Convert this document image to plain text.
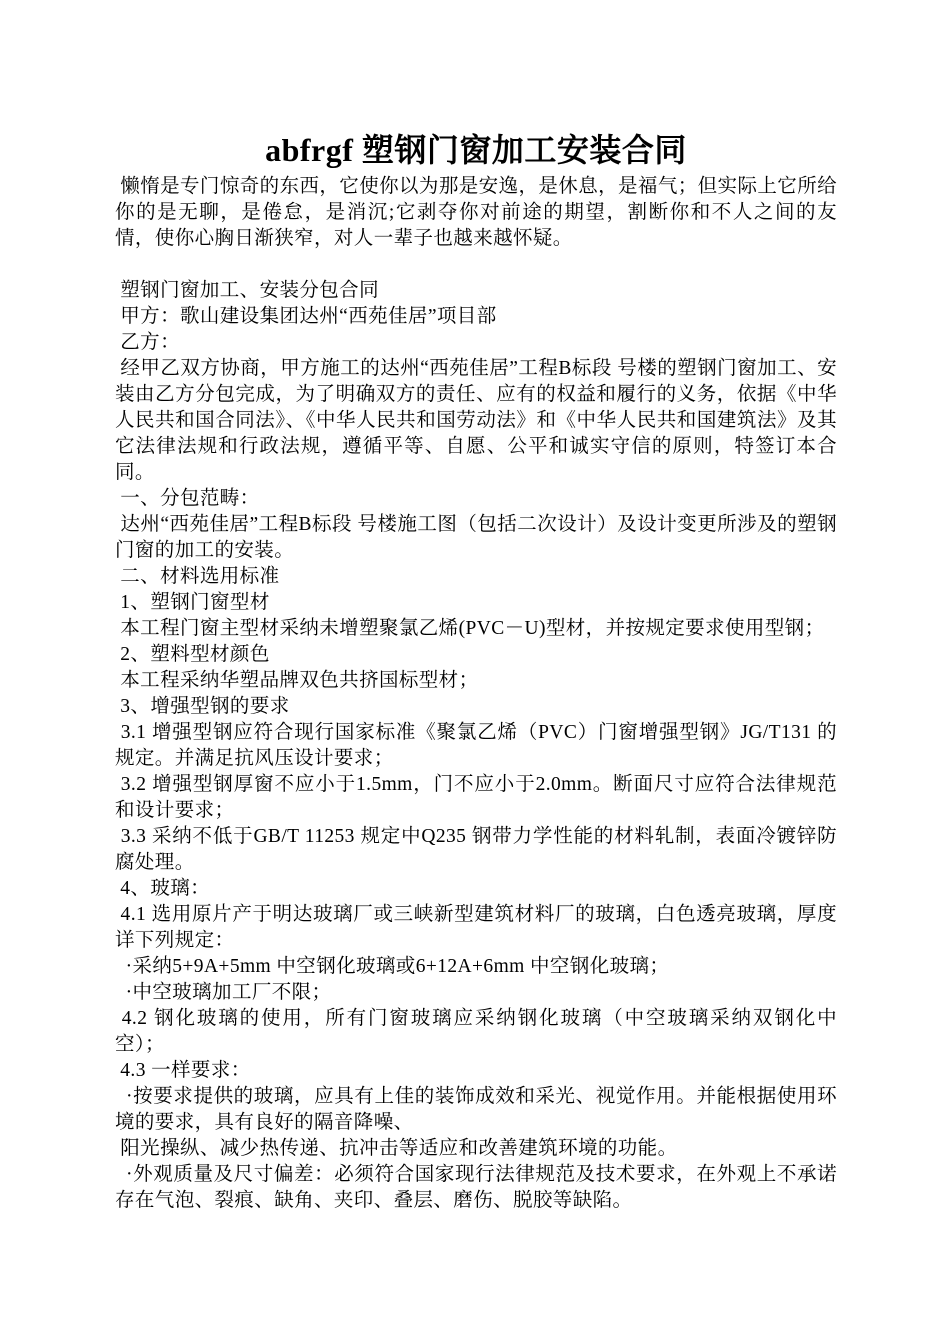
abfrgf 塑钢门窗加工安装合同

懒惰是专门惊奇的东西，它使你以为那是安逸，是休息，是福气；但实际上它所给你的是无聊，是倦怠，是消沉;它剥夺你对前途的期望，割断你和不人之间的友情，使你心胸日渐狭窄，对人一辈子也越来越怀疑。

塑钢门窗加工、安装分包合同

甲方：歌山建设集团达州“西苑佳居”项目部

乙方：

经甲乙双方协商，甲方施工的达州“西苑佳居”工程B标段 号楼的塑钢门窗加工、安装由乙方分包完成，为了明确双方的责任、应有的权益和履行的义务，依据《中华人民共和国合同法》、《中华人民共和国劳动法》和《中华人民共和国建筑法》及其它法律法规和行政法规，遵循平等、自愿、公平和诚实守信的原则，特签订本合同。

一、分包范畴：

达州“西苑佳居”工程B标段 号楼施工图（包括二次设计）及设计变更所涉及的塑钢门窗的加工的安装。

二、材料选用标准

1、塑钢门窗型材

本工程门窗主型材采纳未增塑聚氯乙烯(PVC－U)型材，并按规定要求使用型钢；

2、塑料型材颜色

本工程采纳华塑品牌双色共挤国标型材；

3、增强型钢的要求

3.1 增强型钢应符合现行国家标准《聚氯乙烯（PVC）门窗增强型钢》JG/T131 的规定。并满足抗风压设计要求；

3.2 增强型钢厚窗不应小于1.5mm，门不应小于2.0mm。断面尺寸应符合法律规范和设计要求；

3.3 采纳不低于GB/T 11253 规定中Q235 钢带力学性能的材料轧制，表面冷镀锌防腐处理。

4、玻璃：

4.1 选用原片产于明达玻璃厂或三峡新型建筑材料厂的玻璃，白色透亮玻璃，厚度详下列规定：

·采纳5+9A+5mm 中空钢化玻璃或6+12A+6mm 中空钢化玻璃；

·中空玻璃加工厂不限；

4.2 钢化玻璃的使用，所有门窗玻璃应采纳钢化玻璃（中空玻璃采纳双钢化中空）；

4.3 一样要求：

·按要求提供的玻璃，应具有上佳的装饰成效和采光、视觉作用。并能根据使用环境的要求，具有良好的隔音降噪、

阳光操纵、减少热传递、抗冲击等适应和改善建筑环境的功能。

·外观质量及尺寸偏差：必须符合国家现行法律规范及技术要求，在外观上不承诺存在气泡、裂痕、缺角、夹印、叠层、磨伤、脱胶等缺陷。
